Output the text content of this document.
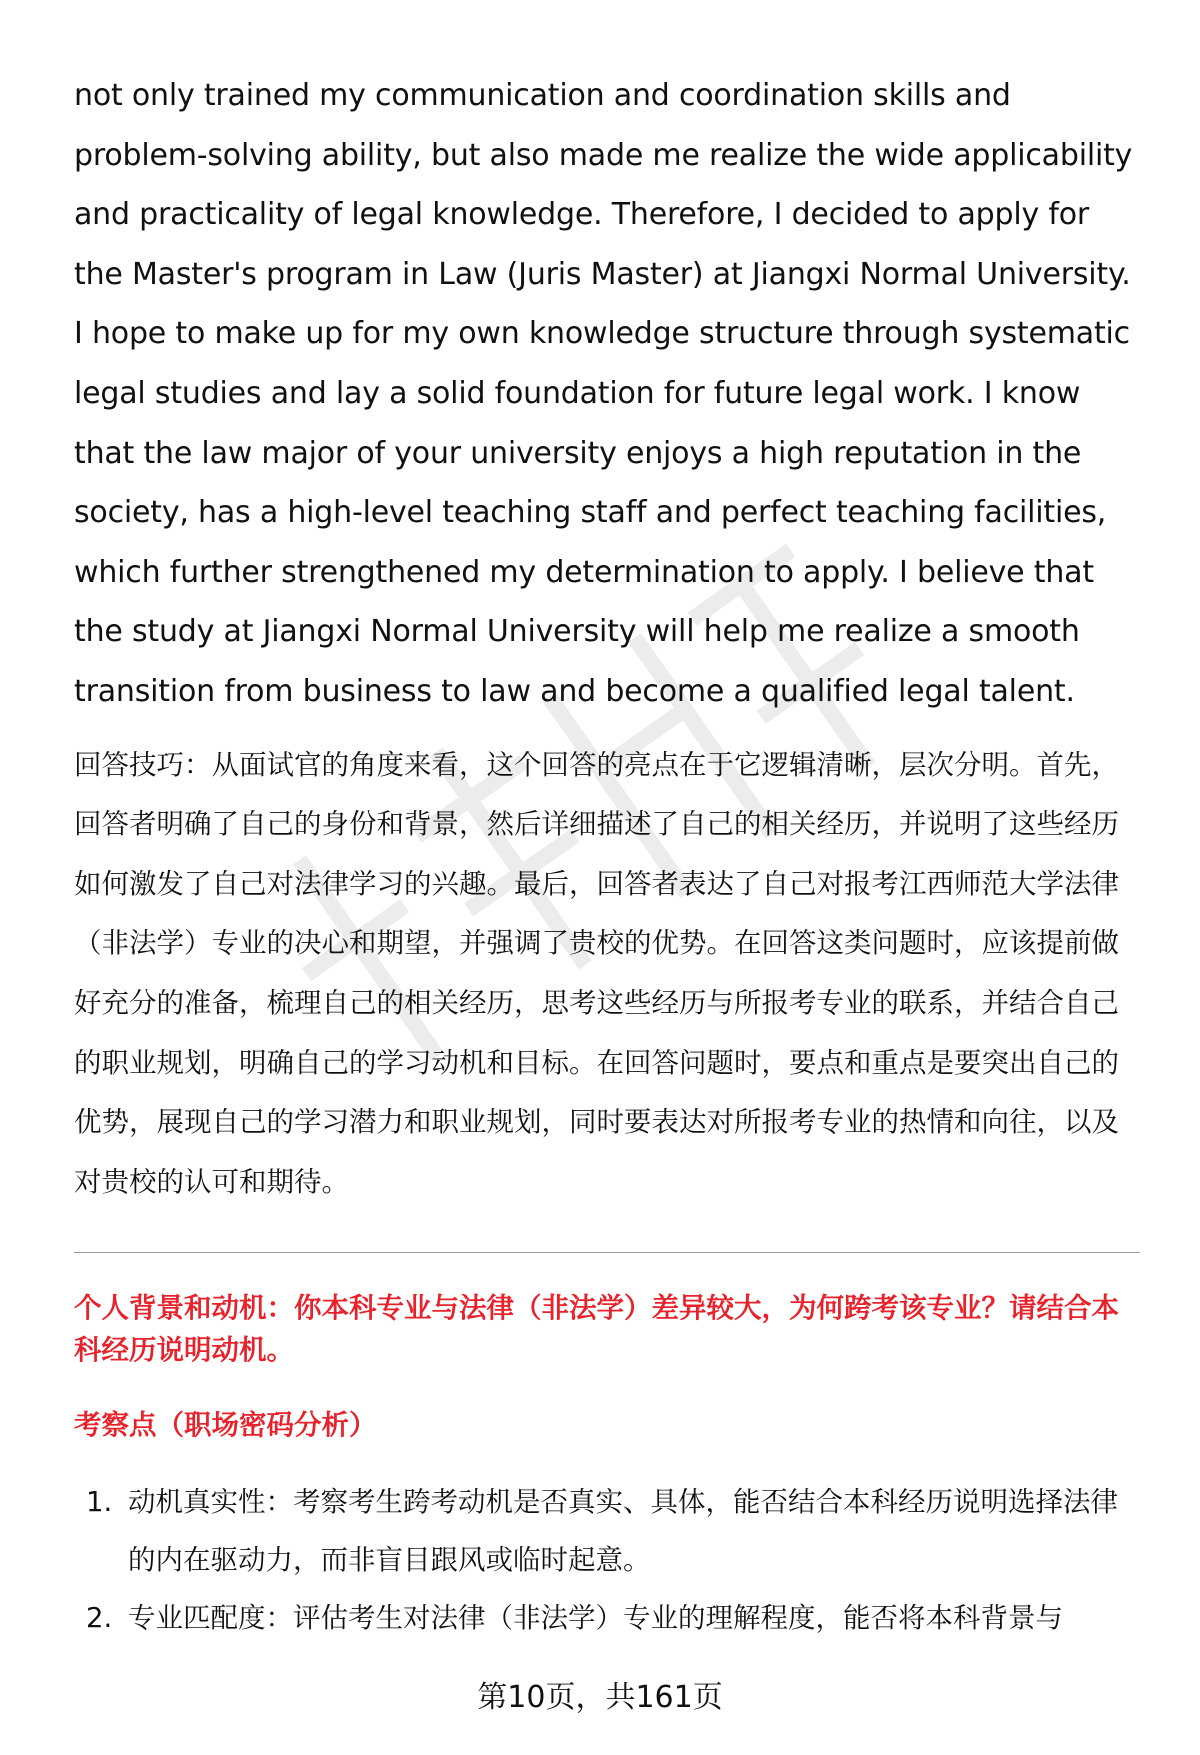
not only trained my communication and coordination skills and problem-solving ability, but also made me realize the wide applicability and practicality of legal knowledge. Therefore, I decided to apply for the Master's program in Law (Juris Master) at Jiangxi Normal University. I hope to make up for my own knowledge structure through systematic legal studies and lay a solid foundation for future legal work. I know that the law major of your university enjoys a high reputation in the society, has a high-level teaching staff and perfect teaching facilities, which further strengthened my determination to apply. I believe that the study at Jiangxi Normal University will help me realize a smooth transition from business to law and become a qualified legal talent.

回答技巧：从面试官的角度来看，这个回答的亮点在于它逻辑清晰，层次分明。首先，回答者明确了自己的身份和背景，然后详细描述了自己的相关经历，并说明了这些经历如何激发了自己对法律学习的兴趣。最后，回答者表达了自己对报考江西师范大学法律（非法学）专业的决心和期望，并强调了贵校的优势。在回答这类问题时，应该提前做好充分的准备，梳理自己的相关经历，思考这些经历与所报考专业的联系，并结合自己的职业规划，明确自己的学习动机和目标。在回答问题时，要点和重点是要突出自己的优势，展现自己的学习潜力和职业规划，同时要表达对所报考专业的热情和向往，以及对贵校的认可和期待。

个人背景和动机：你本科专业与法律（非法学）差异较大，为何跨考该专业？请结合本科经历说明动机。
考察点（职场密码分析）
1. 动机真实性：考察考生跨考动机是否真实、具体，能否结合本科经历说明选择法律的内在驱动力，而非盲目跟风或临时起意。
2. 专业匹配度：评估考生对法律（非法学）专业的理解程度，能否将本科背景与
第10页，共161页
